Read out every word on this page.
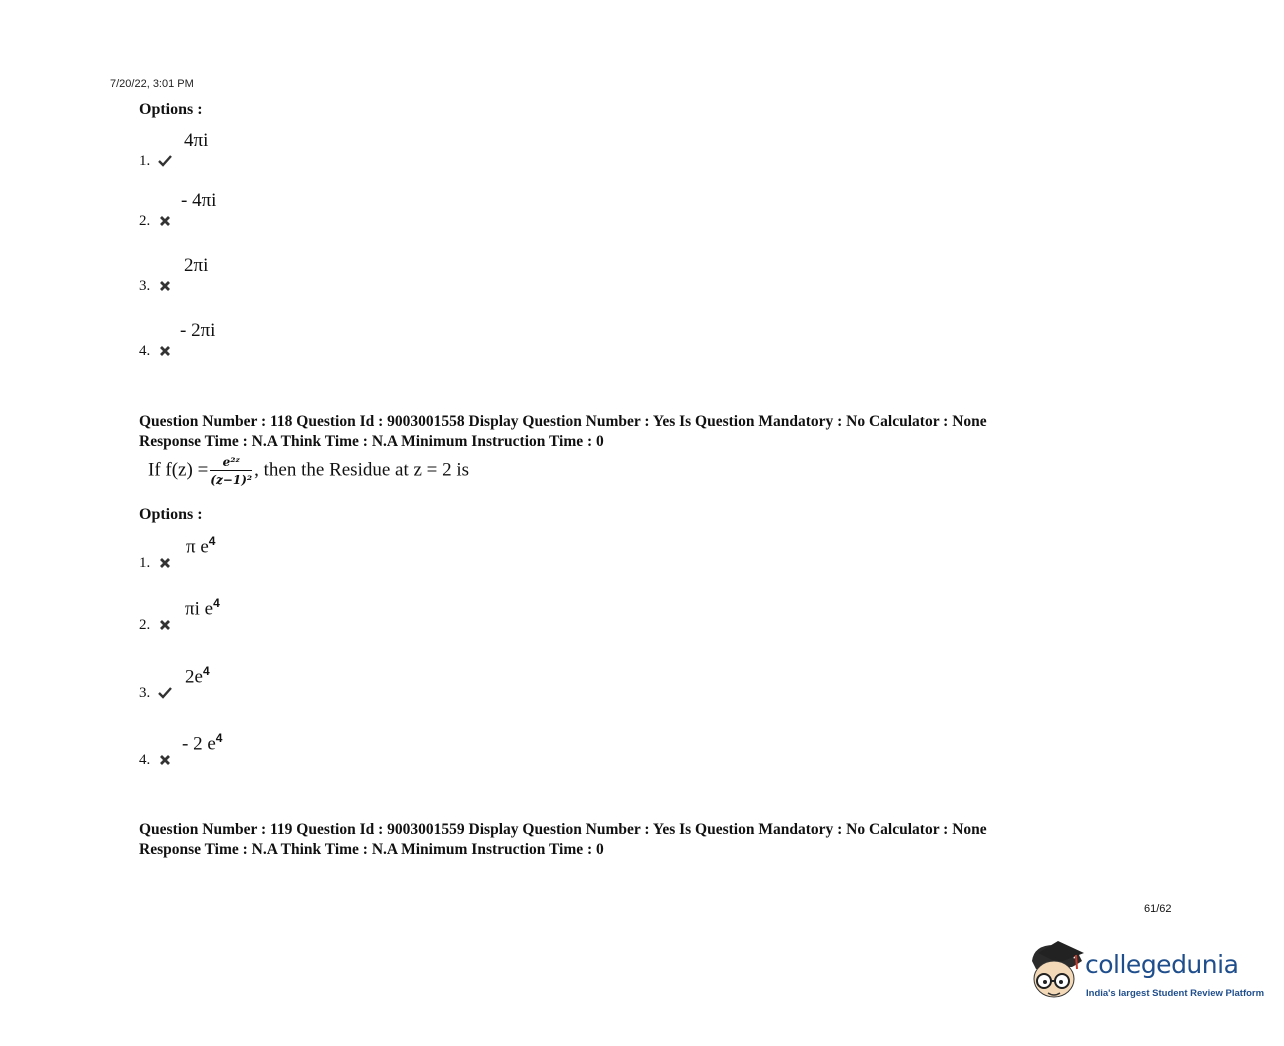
7/20/22, 3:01 PM
Options :
1.
4πi
2.
- 4πi
3.
2πi
4.
- 2πi
Question Number : 118 Question Id : 9003001558 Display Question Number : Yes Is Question Mandatory : No Calculator : None
Response Time : N.A Think Time : N.A Minimum Instruction Time : 0
If $f(z) = \frac{\text{e²ᶻ}}{\text{(z−1)²}}$ , then the Residue at z = 2 is
Options :
1.
π $e^4$
2.
πi $e^4$
3.
$2e^4$
4.
- 2 $e^4$
Question Number : 119 Question Id : 9003001559 Display Question Number : Yes Is Question Mandatory : No Calculator : None
Response Time : N.A Think Time : N.A Minimum Instruction Time : 0
61/62
collegedunia
India's largest Student Review Platform
